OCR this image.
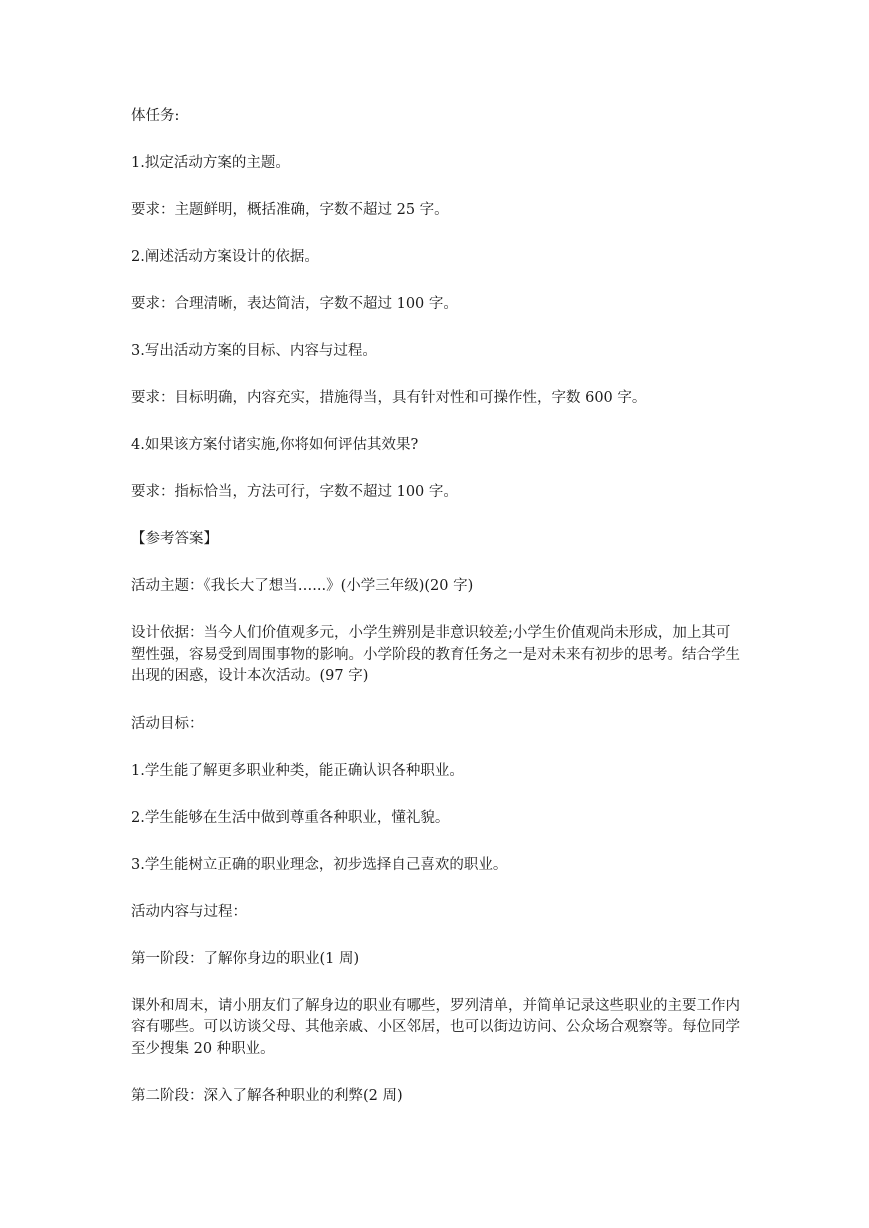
体任务:

1.拟定活动方案的主题。

要求：主题鲜明，概括准确，字数不超过 25 字。

2.阐述活动方案设计的依据。

要求：合理清晰，表达简洁，字数不超过 100 字。

3.写出活动方案的目标、内容与过程。

要求：目标明确，内容充实，措施得当，具有针对性和可操作性，字数 600 字。

4.如果该方案付诸实施,你将如何评估其效果?

要求：指标恰当，方法可行，字数不超过 100 字。

【参考答案】

活动主题：《我长大了想当…...》(小学三年级)(20 字)

设计依据：当今人们价值观多元，小学生辨别是非意识较差;小学生价值观尚未形成，加上其可塑性强，容易受到周围事物的影响。小学阶段的教育任务之一是对未来有初步的思考。结合学生出现的困惑，设计本次活动。(97 字)

活动目标：

1.学生能了解更多职业种类，能正确认识各种职业。

2.学生能够在生活中做到尊重各种职业，懂礼貌。

3.学生能树立正确的职业理念，初步选择自己喜欢的职业。

活动内容与过程：

第一阶段：了解你身边的职业(1 周)

课外和周末，请小朋友们了解身边的职业有哪些，罗列清单，并简单记录这些职业的主要工作内容有哪些。可以访谈父母、其他亲戚、小区邻居，也可以街边访问、公众场合观察等。每位同学至少搜集 20 种职业。

第二阶段：深入了解各种职业的利弊(2 周)
